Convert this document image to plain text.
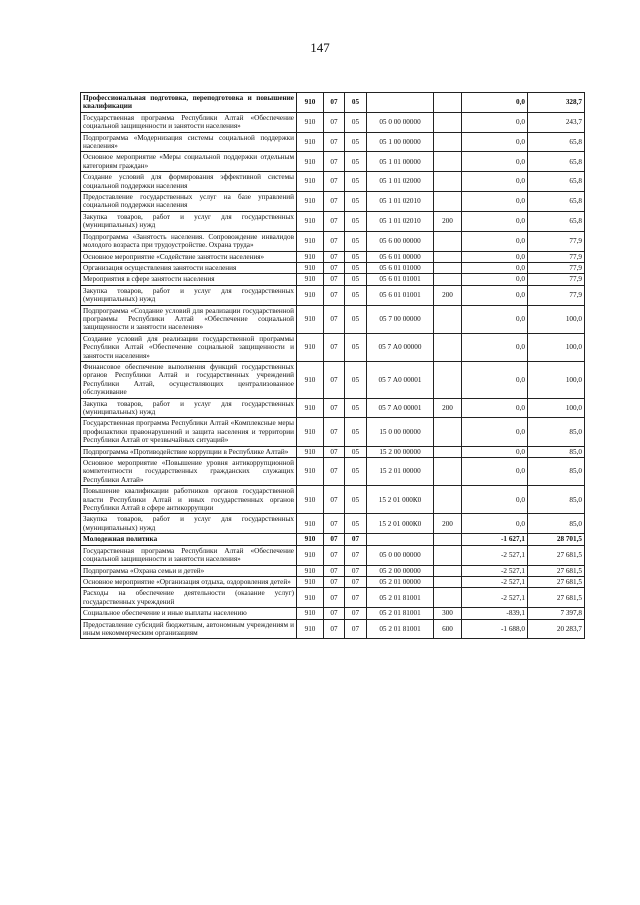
147
Профессиональная подготовка, переподготовка и повышение квалификации	910	07	05			0,0	328,7
Государственная программа Республики Алтай «Обеспечение социальной защищенности и занятости населения»	910	07	05	05 0 00 00000		0,0	243,7
Подпрограмма «Модернизация системы социальной поддержки населения»	910	07	05	05 1 00 00000		0,0	65,8
Основное мероприятие «Меры социальной поддержки отдельным категориям граждан»	910	07	05	05 1 01 00000		0,0	65,8
Создание условий для формирования эффективной системы социальной поддержки населения	910	07	05	05 1 01 02000		0,0	65,8
Предоставление государственных услуг на базе управлений социальной поддержки населения	910	07	05	05 1 01 02010		0,0	65,8
Закупка товаров, работ и услуг для государственных (муниципальных) нужд	910	07	05	05 1 01 02010	200	0,0	65,8
Подпрограмма «Занятость населения. Сопровождение инвалидов молодого возраста при трудоустройстве. Охрана труда»	910	07	05	05 6 00 00000		0,0	77,9
Основное мероприятие «Содействие занятости населения»	910	07	05	05 6 01 00000		0,0	77,9
Организация осуществления занятости населения	910	07	05	05 6 01 01000		0,0	77,9
Мероприятия в сфере занятости населения	910	07	05	05 6 01 01001		0,0	77,9
Закупка товаров, работ и услуг для государственных (муниципальных) нужд	910	07	05	05 6 01 01001	200	0,0	77,9
Подпрограмма «Создание условий для реализации государственной программы Республики Алтай «Обеспечение социальной защищенности и занятости населения»	910	07	05	05 7 00 00000		0,0	100,0
Создание условий для реализации государственной программы Республики Алтай «Обеспечение социальной защищенности и занятости населения»	910	07	05	05 7 А0 00000		0,0	100,0
Финансовое обеспечение выполнения функций государственных органов Республики Алтай и государственных учреждений Республики Алтай, осуществляющих централизованное обслуживание	910	07	05	05 7 А0 00001		0,0	100,0
Закупка товаров, работ и услуг для государственных (муниципальных) нужд	910	07	05	05 7 А0 00001	200	0,0	100,0
Государственная программа Республики Алтай «Комплексные меры профилактики правонарушений и защита населения и территории Республики Алтай от чрезвычайных ситуаций»	910	07	05	15 0 00 00000		0,0	85,0
Подпрограмма «Противодействие коррупции в Республике Алтай»	910	07	05	15 2 00 00000		0,0	85,0
Основное мероприятие «Повышение уровня антикоррупционной компетентности государственных гражданских служащих Республики Алтай»	910	07	05	15 2 01 00000		0,0	85,0
Повышение квалификации работников органов государственной власти Республики Алтай и иных государственных органов Республики Алтай в сфере антикоррупции	910	07	05	15 2 01 000К0		0,0	85,0
Закупка товаров, работ и услуг для государственных (муниципальных) нужд	910	07	05	15 2 01 000К0	200	0,0	85,0
Молодежная политика	910	07	07			-1 627,1	28 701,5
Государственная программа Республики Алтай «Обеспечение социальной защищенности и занятости населения»	910	07	07	05 0 00 00000		-2 527,1	27 681,5
Подпрограмма «Охрана семьи и детей»	910	07	07	05 2 00 00000		-2 527,1	27 681,5
Основное мероприятие «Организация отдыха, оздоровления детей»	910	07	07	05 2 01 00000		-2 527,1	27 681,5
Расходы на обеспечение деятельности (оказание услуг) государственных учреждений	910	07	07	05 2 01 81001		-2 527,1	27 681,5
Социальное обеспечение и иные выплаты населению	910	07	07	05 2 01 81001	300	-839,1	7 397,8
Предоставление субсидий бюджетным, автономным учреждениям и иным некоммерческим организациям	910	07	07	05 2 01 81001	600	-1 688,0	20 283,7
